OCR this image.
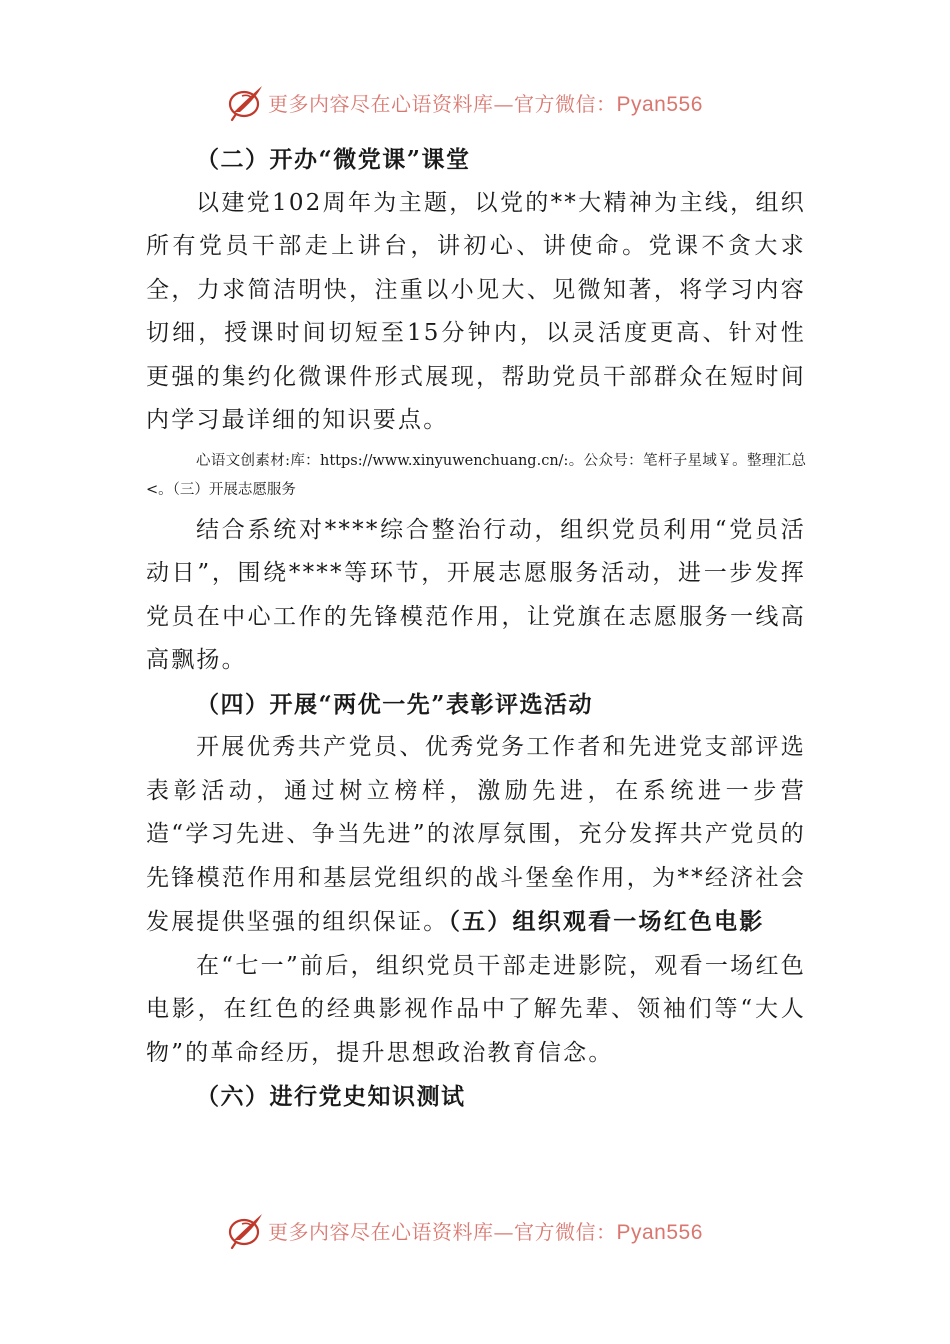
更多内容尽在心语资料库—官方微信：Pyan556

（二）开办“微党课”课堂

以建党102周年为主题，以党的**大精神为主线，组织所有党员干部走上讲台，讲初心、讲使命。党课不贪大求全，力求简洁明快，注重以小见大、见微知著，将学习内容切细，授课时间切短至15分钟内，以灵活度更高、针对性更强的集约化微课件形式展现，帮助党员干部群众在短时间内学习最详细的知识要点。

心语文创素材:库：https://www.xinyuwenchuang.cn/:。公众号：笔杆子星域￥。整理汇总<。（三）开展志愿服务

结合系统对****综合整治行动，组织党员利用“党员活动日”，围绕****等环节，开展志愿服务活动，进一步发挥党员在中心工作的先锋模范作用，让党旗在志愿服务一线高高飘扬。

（四）开展“两优一先”表彰评选活动

开展优秀共产党员、优秀党务工作者和先进党支部评选表彰活动，通过树立榜样，激励先进，在系统进一步营造“学习先进、争当先进”的浓厚氛围，充分发挥共产党员的先锋模范作用和基层党组织的战斗堡垒作用，为**经济社会发展提供坚强的组织保证。（五）组织观看一场红色电影

在“七一”前后，组织党员干部走进影院，观看一场红色电影，在红色的经典影视作品中了解先辈、领袖们等“大人物”的革命经历，提升思想政治教育信念。

（六）进行党史知识测试

更多内容尽在心语资料库—官方微信：Pyan556
